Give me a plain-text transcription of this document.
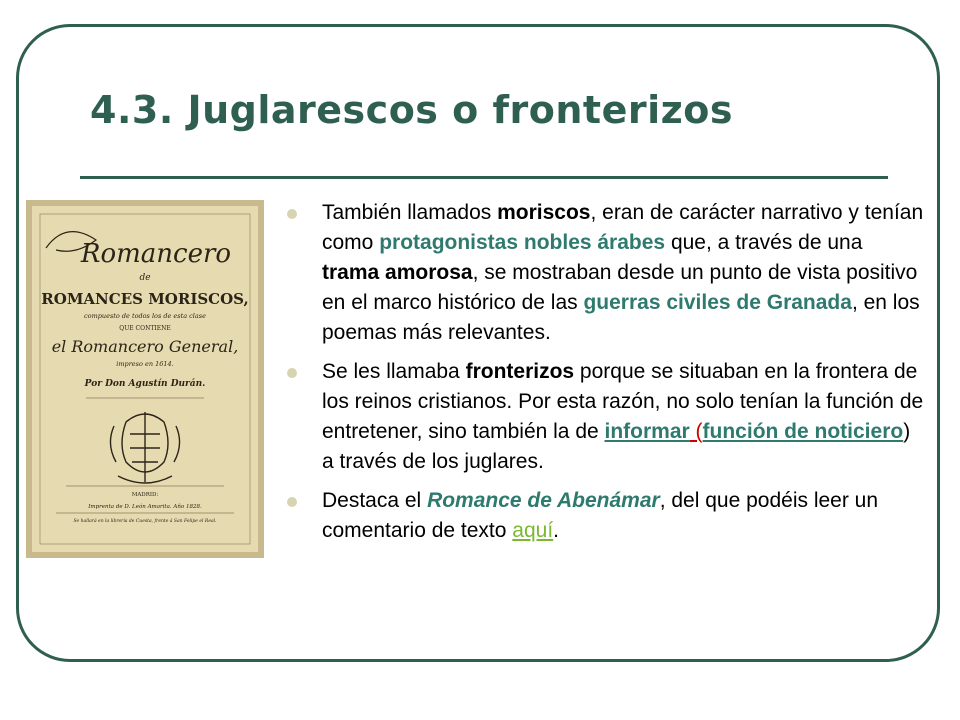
4.3. Juglarescos o fronterizos
Romancero
de
ROMANCES MORISCOS,
compuesto de todos los de esta clase
QUE CONTIENE
el Romancero General,
impreso en 1614.
Por Don Agustín Durán.
MADRID:
Imprenta de D. León Amarita. Año 1828.
Se hallará en la librería de Cuesta, frente á San Felipe el Real.
También llamados moriscos, eran de carácter narrativo y tenían como protagonistas nobles árabes que, a través de una trama amorosa, se mostraban desde un punto de vista positivo en el marco histórico de las guerras civiles de Granada, en los poemas más relevantes.
Se les llamaba fronterizos porque se situaban en la frontera de los reinos cristianos. Por esta razón, no solo tenían la función de entretener, sino también la de informar (función de noticiero) a través de los juglares.
Destaca el Romance de Abenámar, del que podéis leer un comentario de texto aquí.
